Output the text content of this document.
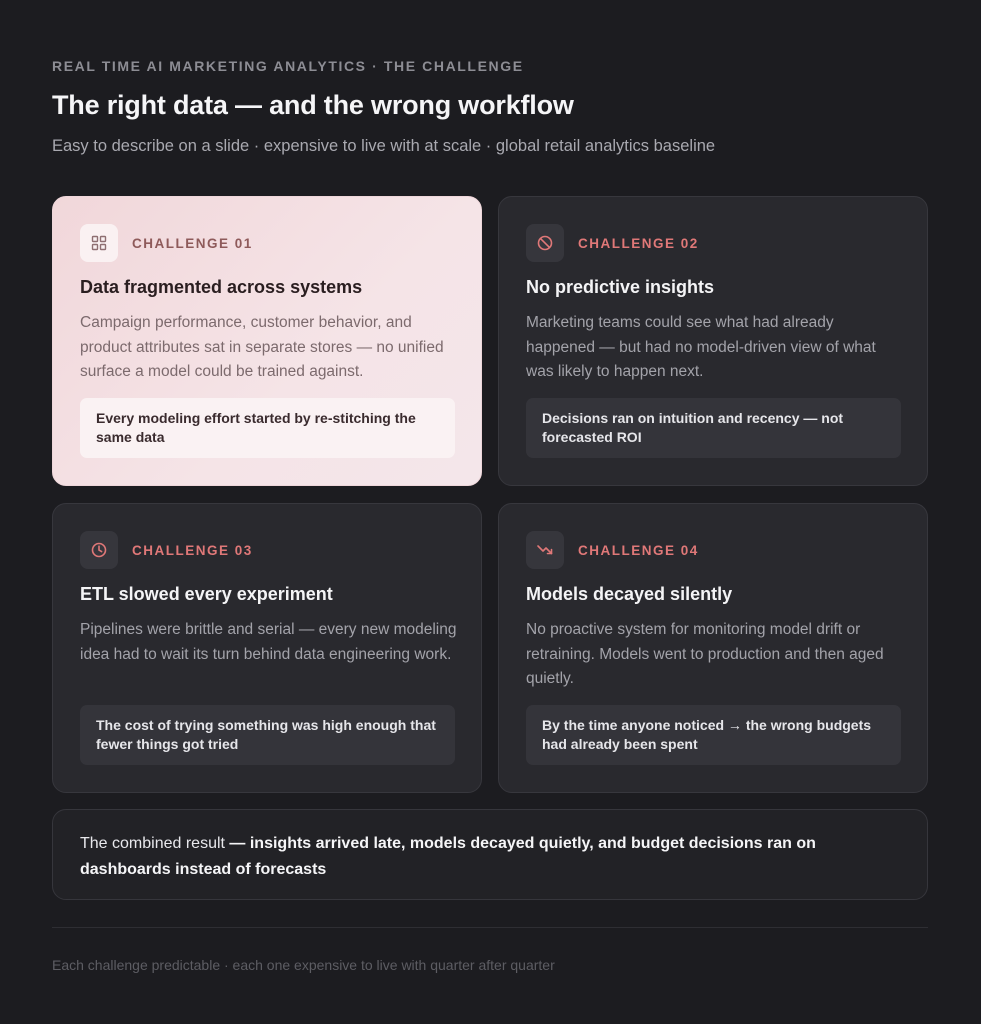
REAL TIME AI MARKETING ANALYTICS · THE CHALLENGE
The right data — and the wrong workflow
Easy to describe on a slide · expensive to live with at scale · global retail analytics baseline
CHALLENGE 01
Data fragmented across systems
Campaign performance, customer behavior, and product attributes sat in separate stores — no unified surface a model could be trained against.
Every modeling effort started by re-stitching the same data
CHALLENGE 02
No predictive insights
Marketing teams could see what had already happened — but had no model-driven view of what was likely to happen next.
Decisions ran on intuition and recency — not forecasted ROI
CHALLENGE 03
ETL slowed every experiment
Pipelines were brittle and serial — every new modeling idea had to wait its turn behind data engineering work.
The cost of trying something was high enough that fewer things got tried
CHALLENGE 04
Models decayed silently
No proactive system for monitoring model drift or retraining. Models went to production and then aged quietly.
By the time anyone noticed → the wrong budgets had already been spent
The combined result — insights arrived late, models decayed quietly, and budget decisions ran on dashboards instead of forecasts
Each challenge predictable · each one expensive to live with quarter after quarter
